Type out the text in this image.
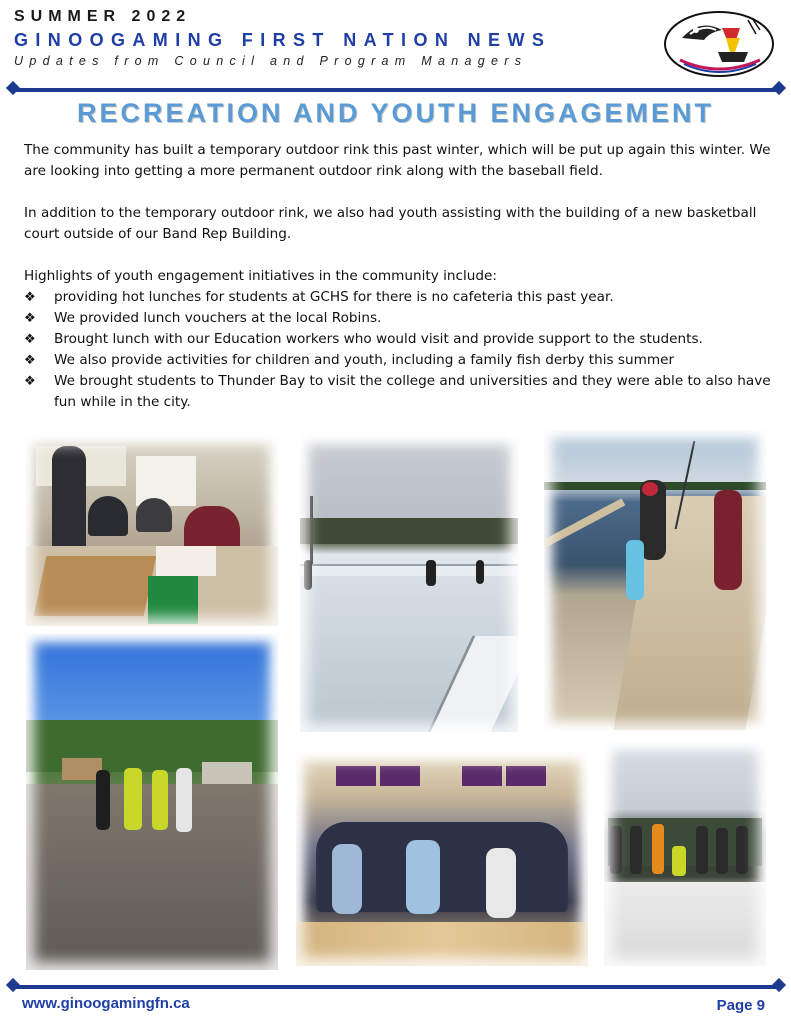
SUMMER 2022
GINOOGAMING FIRST NATION NEWS
Updates from Council and Program Managers
RECREATION AND YOUTH ENGAGEMENT

The community has built a temporary outdoor rink this past winter, which will be put up again this winter. We are looking into getting a more permanent outdoor rink along with the baseball field.

In addition to the temporary outdoor rink, we also had youth assisting with the building of a new basketball court outside of our Band Rep Building.

Highlights of youth engagement initiatives in the community include:

❖ providing hot lunches for students at GCHS for there is no cafeteria this past year.
❖ We provided lunch vouchers at the local Robins.
❖ Brought lunch with our Education workers who would visit and provide support to the students.
❖ We also provide activities for children and youth, including a family fish derby this summer
❖ We brought students to Thunder Bay to visit the college and universities and they were able to also have fun while in the city.
www.ginoogamingfn.ca	Page 9
